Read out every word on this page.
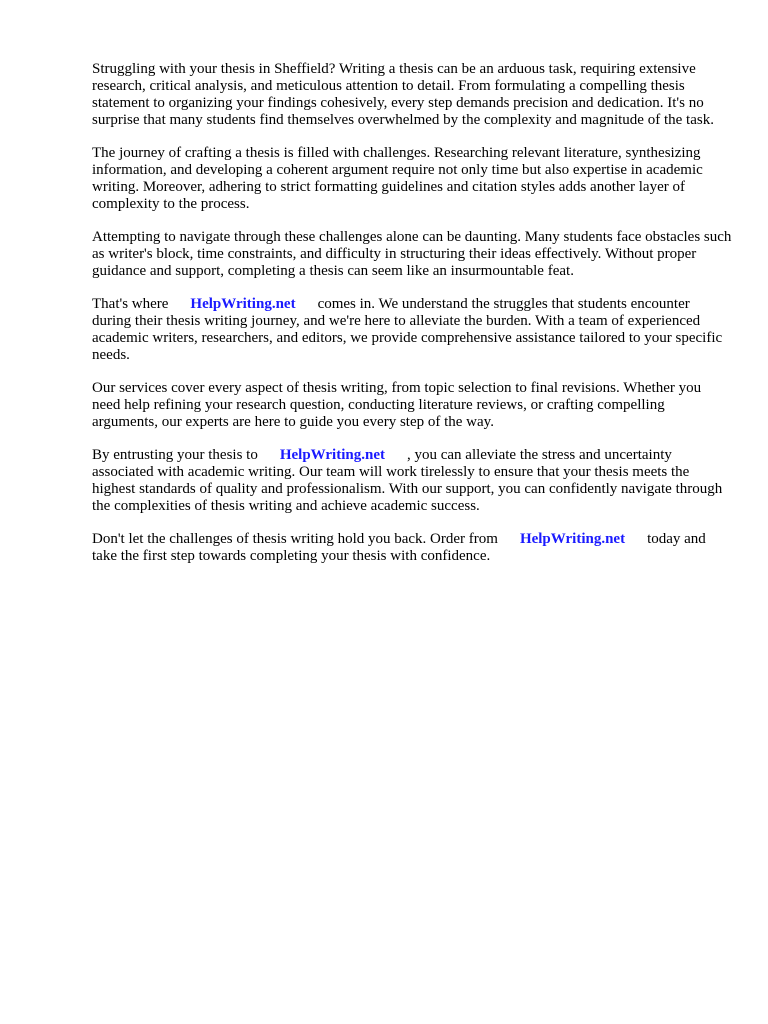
Struggling with your thesis in Sheffield? Writing a thesis can be an arduous task, requiring extensive research, critical analysis, and meticulous attention to detail. From formulating a compelling thesis statement to organizing your findings cohesively, every step demands precision and dedication. It's no surprise that many students find themselves overwhelmed by the complexity and magnitude of the task.

The journey of crafting a thesis is filled with challenges. Researching relevant literature, synthesizing information, and developing a coherent argument require not only time but also expertise in academic writing. Moreover, adhering to strict formatting guidelines and citation styles adds another layer of complexity to the process.

Attempting to navigate through these challenges alone can be daunting. Many students face obstacles such as writer's block, time constraints, and difficulty in structuring their ideas effectively. Without proper guidance and support, completing a thesis can seem like an insurmountable feat.

That's where HelpWriting.net comes in. We understand the struggles that students encounter during their thesis writing journey, and we're here to alleviate the burden. With a team of experienced academic writers, researchers, and editors, we provide comprehensive assistance tailored to your specific needs.

Our services cover every aspect of thesis writing, from topic selection to final revisions. Whether you need help refining your research question, conducting literature reviews, or crafting compelling arguments, our experts are here to guide you every step of the way.

By entrusting your thesis to HelpWriting.net , you can alleviate the stress and uncertainty associated with academic writing. Our team will work tirelessly to ensure that your thesis meets the highest standards of quality and professionalism. With our support, you can confidently navigate through the complexities of thesis writing and achieve academic success.

Don't let the challenges of thesis writing hold you back. Order from HelpWriting.net today and take the first step towards completing your thesis with confidence.
